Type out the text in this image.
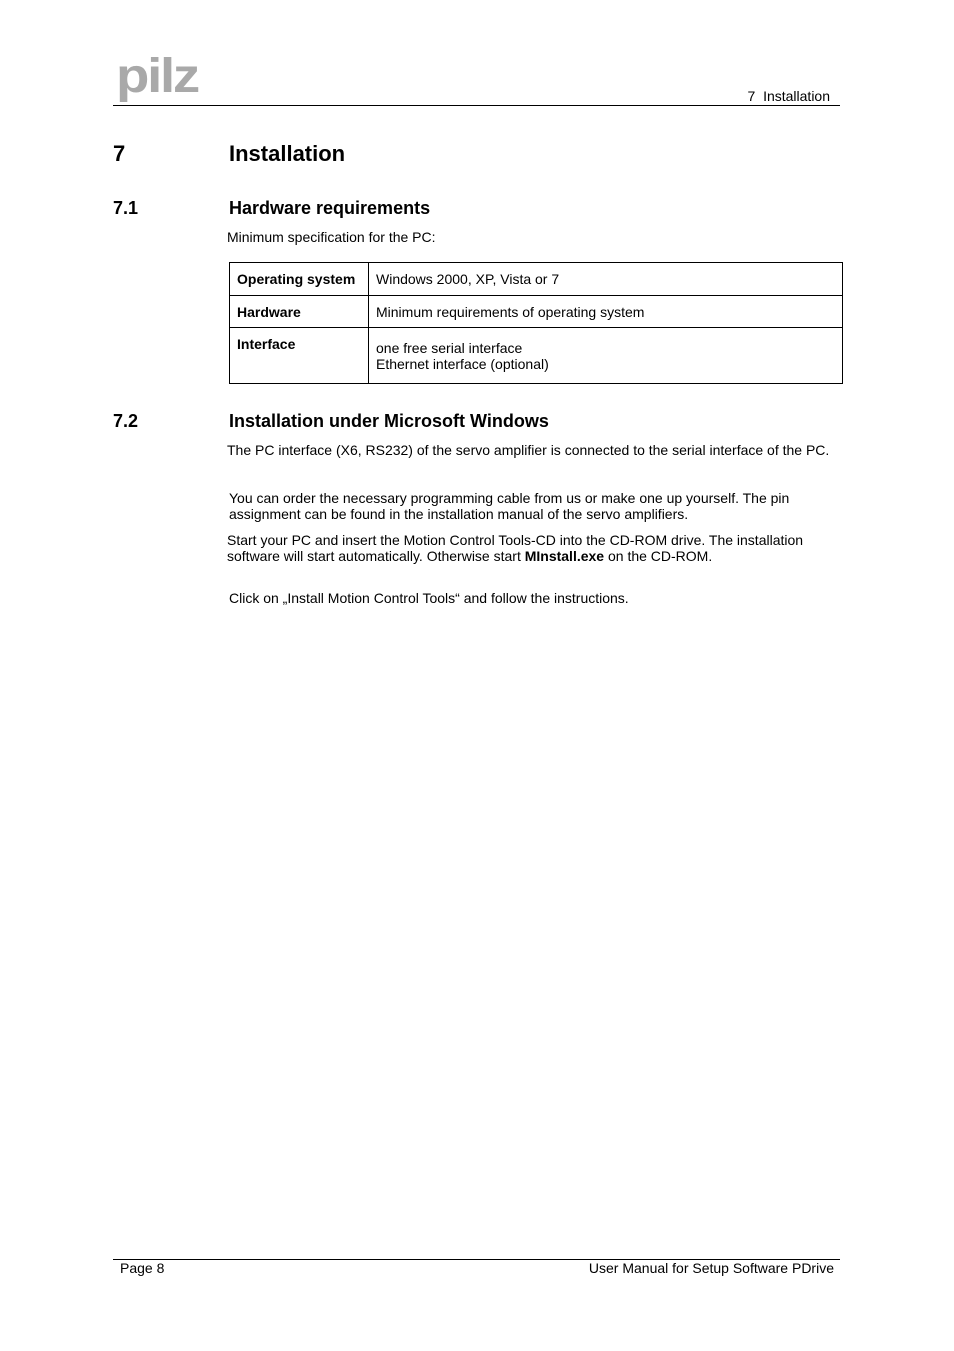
pilz	7  Installation
7	Installation
7.1	Hardware requirements
Minimum specification for the PC:
Operating system	Windows 2000, XP, Vista or 7
Hardware	Minimum requirements of operating system
Interface	one free serial interface
Ethernet interface (optional)
7.2	Installation under Microsoft Windows
The PC interface (X6, RS232) of the servo amplifier is connected to the serial interface of the PC.
You can order the necessary programming cable from us or make one up yourself. The pin assignment can be found in the installation manual of the servo amplifiers.
Start your PC and insert the Motion Control Tools-CD into the CD-ROM drive. The installation software will start automatically. Otherwise start MInstall.exe on the CD-ROM.
Click on „Install Motion Control Tools“ and follow the instructions.
Page 8	User Manual for Setup Software PDrive
